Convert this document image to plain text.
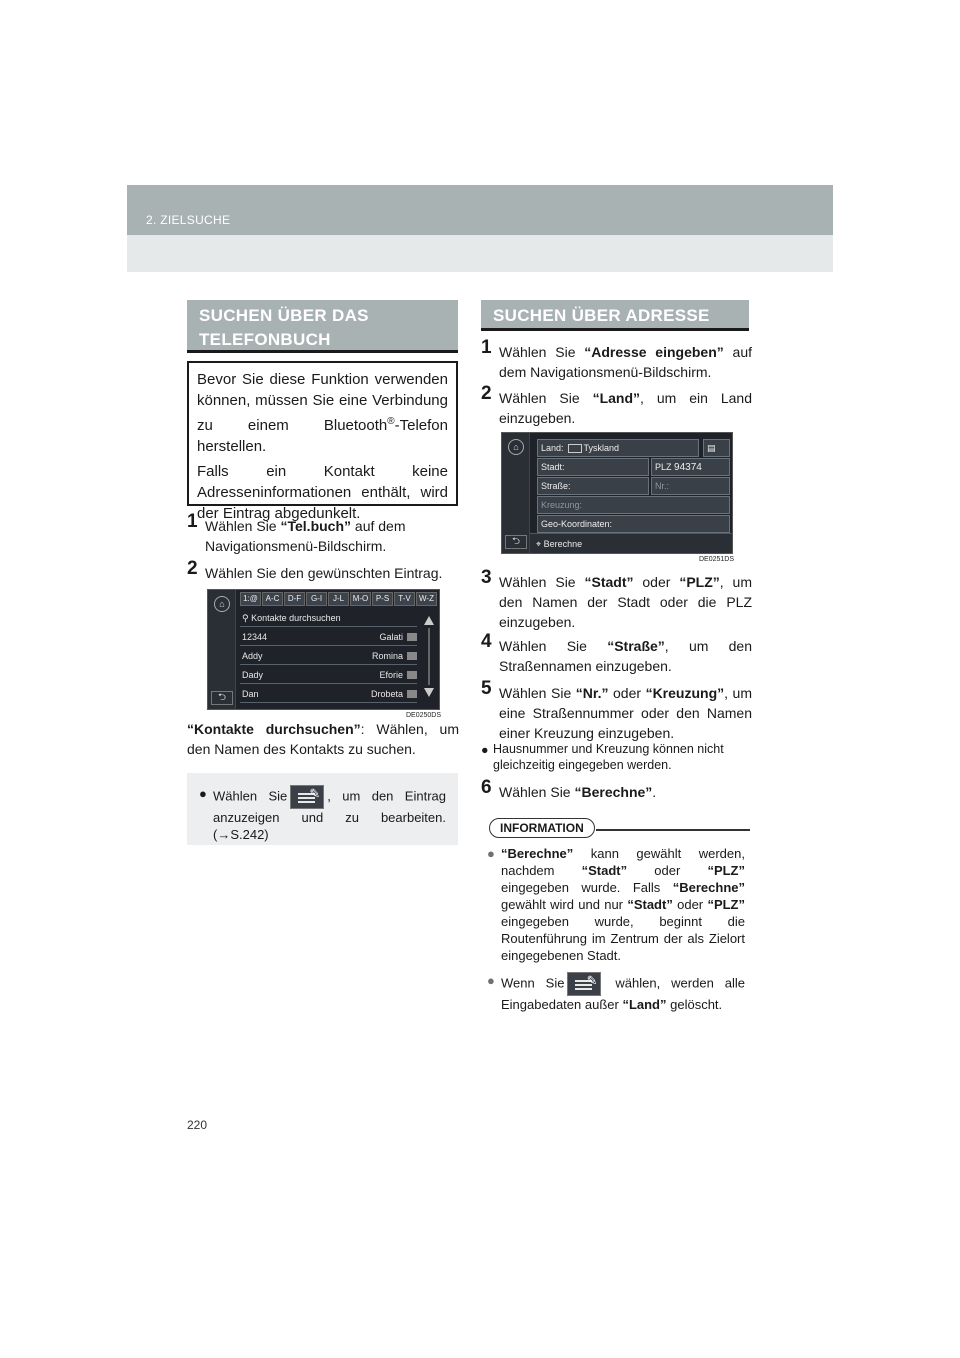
2. ZIELSUCHE
SUCHEN ÜBER DAS
TELEFONBUCH

Bevor Sie diese Funktion verwenden können, müssen Sie eine Verbindung zu einem Bluetooth®-Telefon herstellen.

Falls ein Kontakt keine Adresseninformationen enthält, wird der Eintrag abgedunkelt.

1 Wählen Sie “Tel.buch” auf dem Navigationsmenü-Bildschirm.
2 Wählen Sie den gewünschten Eintrag.
⌂
⮌
1:@ A-C	D-F	G-I	J-L	M-O P-S	T-V	W-Z
⚲ Kontakte durchsuchen
12344	Galati
Addy	Romina
Dady	Eforie
Dan	Drobeta
DE0250DS
“Kontakte durchsuchen”: Wählen, um den Namen des Kontakts zu suchen.
● Wählen Sie ✎	, um den Eintrag anzuzeigen und zu bearbeiten. (→S.242)
SUCHEN ÜBER ADRESSE
1 Wählen Sie “Adresse eingeben” auf dem Navigationsmenü-Bildschirm.
2 Wählen Sie “Land”, um ein Land einzugeben.
⌂
⮌
Land: Tyskland	▤
Stadt:	PLZ 94374
Straße:	Nr.:
Kreuzung:
Geo-Koordinaten:
⌖ Berechne
DE0251DS
3 Wählen Sie “Stadt” oder “PLZ”, um den Namen der Stadt oder die PLZ einzugeben.
4 Wählen Sie “Straße”, um den Straßennamen einzugeben.
5 Wählen Sie “Nr.” oder “Kreuzung”, um eine Straßennummer oder den Namen einer Kreuzung einzugeben.
● Hausnummer und Kreuzung können nicht gleichzeitig eingegeben werden.
6 Wählen Sie “Berechne”.
INFORMATION
● “Berechne” kann gewählt werden, nachdem “Stadt” oder “PLZ” eingegeben wurde. Falls “Berechne” gewählt wird und nur “Stadt” oder “PLZ” eingegeben wurde, beginnt die Routenführung im Zentrum der als Zielort eingegebenen Stadt.
● Wenn Sie ✎	wählen, werden alle Eingabedaten außer “Land” gelöscht.
220
